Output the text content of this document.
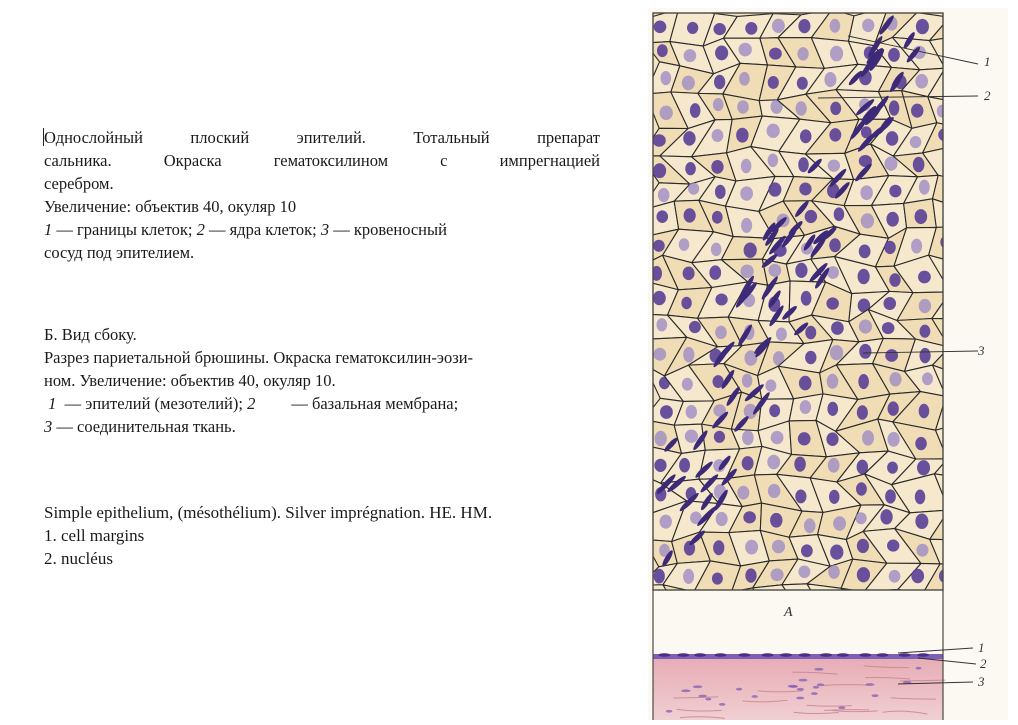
Однослойный плоский эпителий. Тотальный препарат
сальника. Окраска гематоксилином с импрегнацией
серебром.
Увеличение: объектив 40, окуляр 10
1 — границы клеток; 2 — ядра клеток; 3 — кровеносный
сосуд под эпителием.
Б. Вид сбоку.
Разрез париетальной брюшины. Окраска гематоксилин-эози-
ном. Увеличение: объектив 40, окуляр 10.
1 — эпителий (мезотелий); 2 — базальная мембрана;
3 — соединительная ткань.
Simple epithelium, (mésothélium). Silver imprégnation. HE. HM.
1. cell margins
2. nucléus
А
1
2
3
1
2
3
